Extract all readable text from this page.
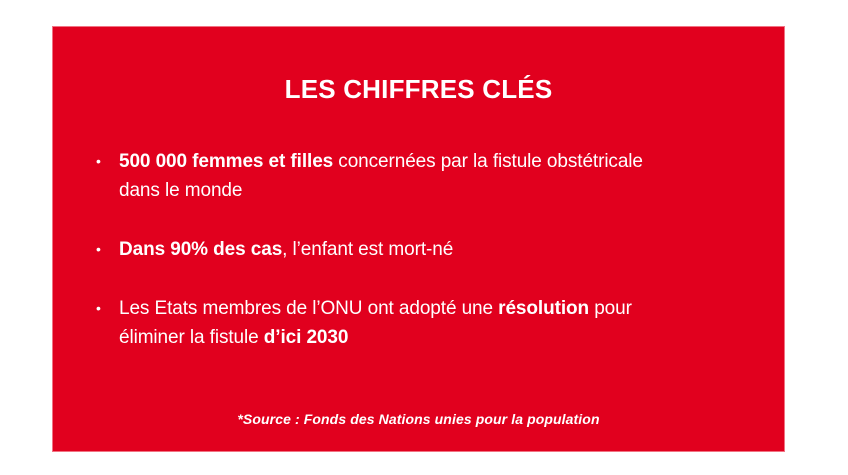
LES CHIFFRES CLÉS
• 500 000 femmes et filles concernées par la fistule obstétricale
dans le monde
• Dans 90% des cas, l’enfant est mort-né
• Les Etats membres de l’ONU ont adopté une résolution pour
éliminer la fistule d’ici 2030
*Source : Fonds des Nations unies pour la population
